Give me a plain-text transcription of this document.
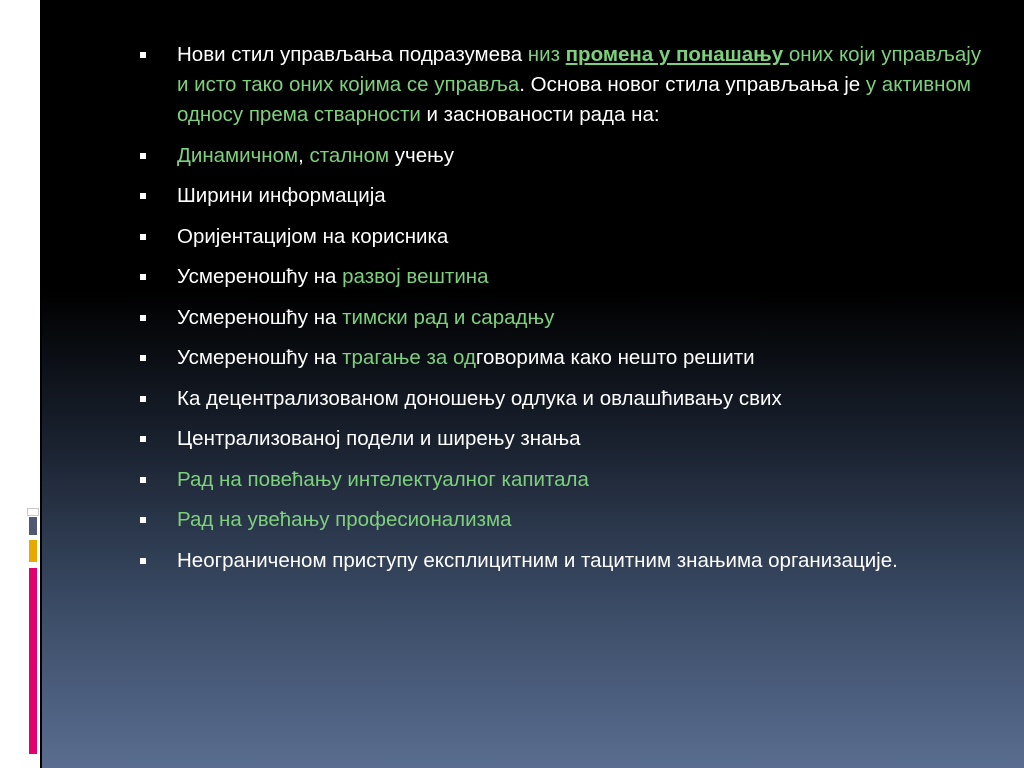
Нови стил управљања подразумева низ промена у понашању оних који управљају и исто тако оних којима се управља. Основа новог стила управљања је у активном односу према стварности и засновaности рада на:
Динамичном, сталном учењу
Ширини информација
Оријентацијом на корисника
Усмереношћу на развој вештина
Усмереношћу на тимски рад и сарадњу
Усмереношћу на трагање за одговорима како нешто решити
Ка децентрализованом доношењу одлука и овлашћивању свих
Централизованој подели и ширењу знања
Рад на повећању интелектуалног капитала
Рад на увећању професионализма
Неограниченом приступу експлицитним и тацитним знањима организације.
